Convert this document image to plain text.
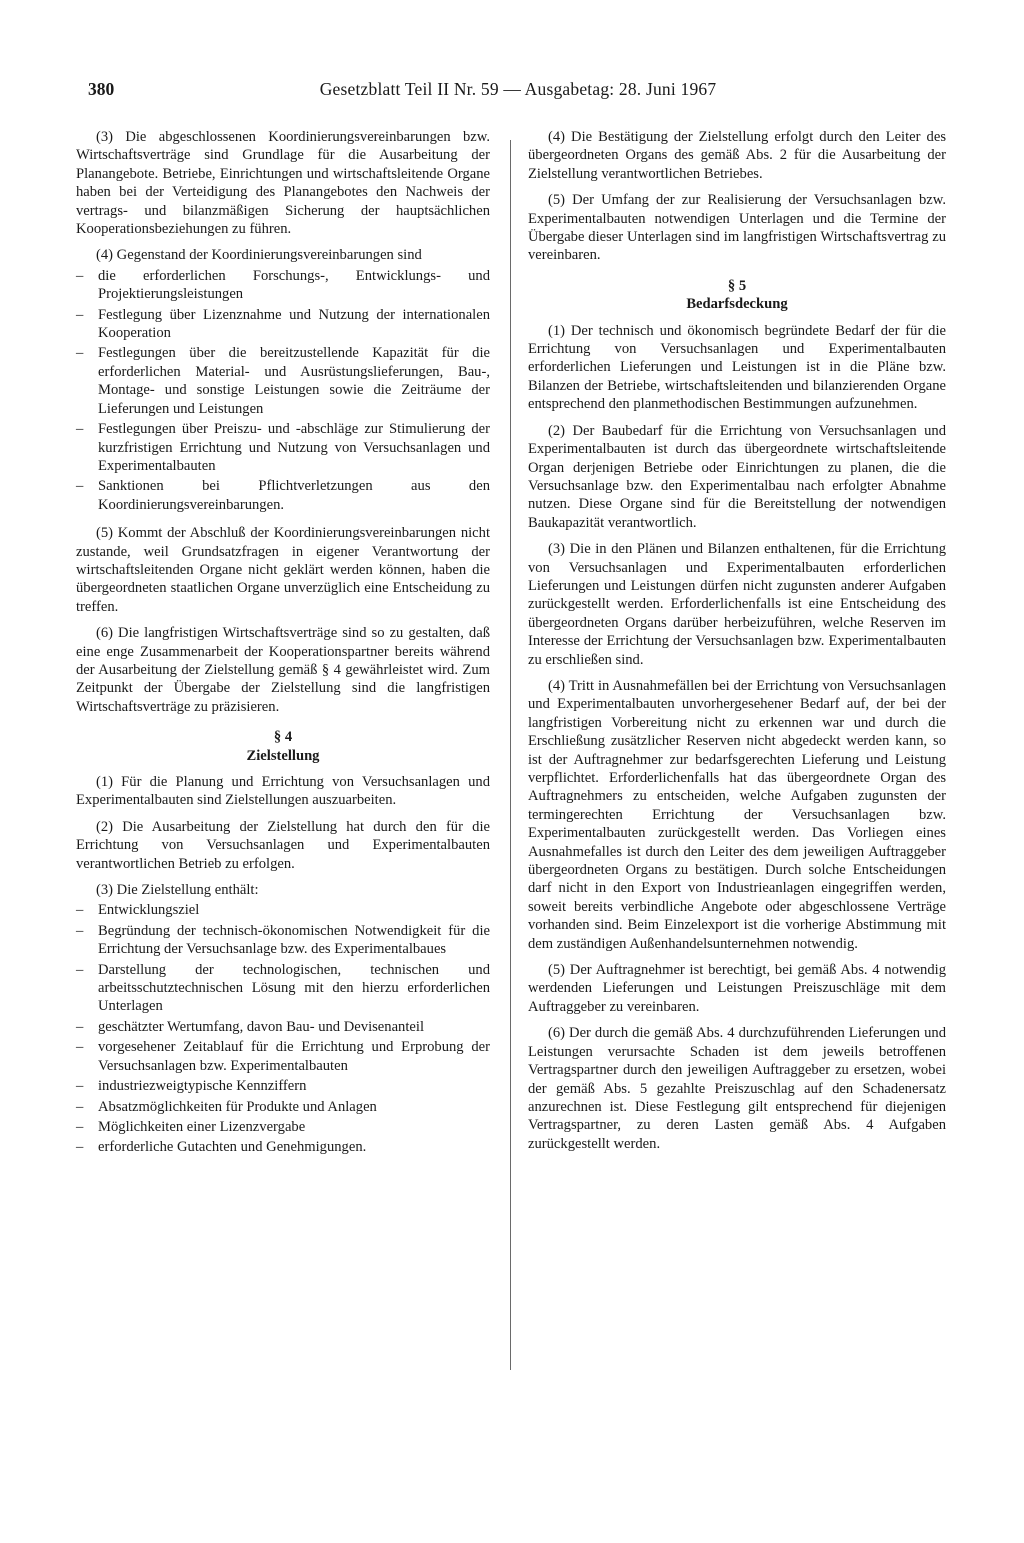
380	Gesetzblatt Teil II Nr. 59 — Ausgabetag: 28. Juni 1967

(3) Die abgeschlossenen Koordinierungsvereinbarungen bzw. Wirtschaftsverträge sind Grundlage für die Ausarbeitung der Planangebote. Betriebe, Einrichtungen und wirtschaftsleitende Organe haben bei der Verteidigung des Planangebotes den Nachweis der vertrags- und bilanzmäßigen Sicherung der hauptsächlichen Kooperationsbeziehungen zu führen.

(4) Gegenstand der Koordinierungsvereinbarungen sind

– die erforderlichen Forschungs-, Entwicklungs- und Projektierungsleistungen
– Festlegung über Lizenznahme und Nutzung der internationalen Kooperation
– Festlegungen über die bereitzustellende Kapazität für die erforderlichen Material- und Ausrüstungslieferungen, Bau-, Montage- und sonstige Leistungen sowie die Zeiträume der Lieferungen und Leistungen
– Festlegungen über Preiszu- und -abschläge zur Stimulierung der kurzfristigen Errichtung und Nutzung von Versuchsanlagen und Experimentalbauten
– Sanktionen bei Pflichtverletzungen aus den Koordinierungsvereinbarungen.

(5) Kommt der Abschluß der Koordinierungsvereinbarungen nicht zustande, weil Grundsatzfragen in eigener Verantwortung der wirtschaftsleitenden Organe nicht geklärt werden können, haben die übergeordneten staatlichen Organe unverzüglich eine Entscheidung zu treffen.

(6) Die langfristigen Wirtschaftsverträge sind so zu gestalten, daß eine enge Zusammenarbeit der Kooperationspartner bereits während der Ausarbeitung der Zielstellung gemäß § 4 gewährleistet wird. Zum Zeitpunkt der Übergabe der Zielstellung sind die langfristigen Wirtschaftsverträge zu präzisieren.

§ 4

Zielstellung

(1) Für die Planung und Errichtung von Versuchsanlagen und Experimentalbauten sind Zielstellungen auszuarbeiten.

(2) Die Ausarbeitung der Zielstellung hat durch den für die Errichtung von Versuchsanlagen und Experimentalbauten verantwortlichen Betrieb zu erfolgen.

(3) Die Zielstellung enthält:

– Entwicklungsziel
– Begründung der technisch-ökonomischen Notwendigkeit für die Errichtung der Versuchsanlage bzw. des Experimentalbaues
– Darstellung der technologischen, technischen und arbeitsschutztechnischen Lösung mit den hierzu erforderlichen Unterlagen
– geschätzter Wertumfang, davon Bau- und Devisenanteil
– vorgesehener Zeitablauf für die Errichtung und Erprobung der Versuchsanlagen bzw. Experimentalbauten
– industriezweigtypische Kennziffern
– Absatzmöglichkeiten für Produkte und Anlagen
– Möglichkeiten einer Lizenzvergabe
– erforderliche Gutachten und Genehmigungen.

(4) Die Bestätigung der Zielstellung erfolgt durch den Leiter des übergeordneten Organs des gemäß Abs. 2 für die Ausarbeitung der Zielstellung verantwortlichen Betriebes.

(5) Der Umfang der zur Realisierung der Versuchsanlagen bzw. Experimentalbauten notwendigen Unterlagen und die Termine der Übergabe dieser Unterlagen sind im langfristigen Wirtschaftsvertrag zu vereinbaren.

§ 5

Bedarfsdeckung

(1) Der technisch und ökonomisch begründete Bedarf der für die Errichtung von Versuchsanlagen und Experimentalbauten erforderlichen Lieferungen und Leistungen ist in die Pläne bzw. Bilanzen der Betriebe, wirtschaftsleitenden und bilanzierenden Organe entsprechend den planmethodischen Bestimmungen aufzunehmen.

(2) Der Baubedarf für die Errichtung von Versuchsanlagen und Experimentalbauten ist durch das übergeordnete wirtschaftsleitende Organ derjenigen Betriebe oder Einrichtungen zu planen, die die Versuchsanlage bzw. den Experimentalbau nach erfolgter Abnahme nutzen. Diese Organe sind für die Bereitstellung der notwendigen Baukapazität verantwortlich.

(3) Die in den Plänen und Bilanzen enthaltenen, für die Errichtung von Versuchsanlagen und Experimentalbauten erforderlichen Lieferungen und Leistungen dürfen nicht zugunsten anderer Aufgaben zurückgestellt werden. Erforderlichenfalls ist eine Entscheidung des übergeordneten Organs darüber herbeizuführen, welche Reserven im Interesse der Errichtung der Versuchsanlagen bzw. Experimentalbauten zu erschließen sind.

(4) Tritt in Ausnahmefällen bei der Errichtung von Versuchsanlagen und Experimentalbauten unvorhergesehener Bedarf auf, der bei der langfristigen Vorbereitung nicht zu erkennen war und durch die Erschließung zusätzlicher Reserven nicht abgedeckt werden kann, so ist der Auftragnehmer zur bedarfsgerechten Lieferung und Leistung verpflichtet. Erforderlichenfalls hat das übergeordnete Organ des Auftragnehmers zu entscheiden, welche Aufgaben zugunsten der termingerechten Errichtung der Versuchsanlagen bzw. Experimentalbauten zurückgestellt werden. Das Vorliegen eines Ausnahmefalles ist durch den Leiter des dem jeweiligen Auftraggeber übergeordneten Organs zu bestätigen. Durch solche Entscheidungen darf nicht in den Export von Industrieanlagen eingegriffen werden, soweit bereits verbindliche Angebote oder abgeschlossene Verträge vorhanden sind. Beim Einzelexport ist die vorherige Abstimmung mit dem zuständigen Außenhandelsunternehmen notwendig.

(5) Der Auftragnehmer ist berechtigt, bei gemäß Abs. 4 notwendig werdenden Lieferungen und Leistungen Preiszuschläge mit dem Auftraggeber zu vereinbaren.

(6) Der durch die gemäß Abs. 4 durchzuführenden Lieferungen und Leistungen verursachte Schaden ist dem jeweils betroffenen Vertragspartner durch den jeweiligen Auftraggeber zu ersetzen, wobei der gemäß Abs. 5 gezahlte Preiszuschlag auf den Schadenersatz anzurechnen ist. Diese Festlegung gilt entsprechend für diejenigen Vertragspartner, zu deren Lasten gemäß Abs. 4 Aufgaben zurückgestellt werden.
